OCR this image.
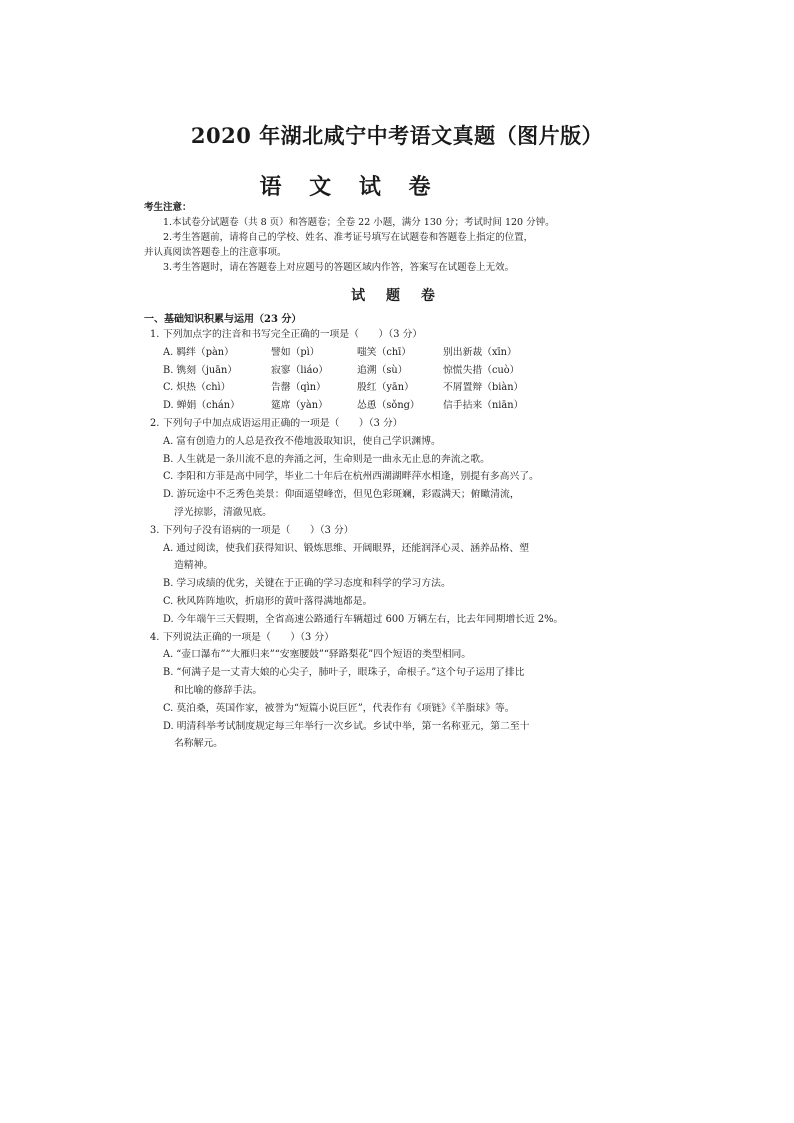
2020 年湖北咸宁中考语文真题（图片版）
语 文 试 卷
考生注意：
1.本试卷分试题卷（共 8 页）和答题卷；全卷 22 小题，满分 130 分；考试时间 120 分钟。
2.考生答题前，请将自己的学校、姓名、准考证号填写在试题卷和答题卷上指定的位置，
并认真阅读答题卷上的注意事项。
3.考生答题时，请在答题卷上对应题号的答题区域内作答，答案写在试题卷上无效。
试 题 卷
一、基础知识积累与运用（23 分）
1. 下列加点字的注音和书写完全正确的一项是（　　）（3 分）
A. 羁绊（pàn）	譬如（pì）	嗤笑（chī）	别出新裁（xīn）
B. 镌刻（juān）	寂寥（liáo）	追溯（sù）	惊慌失措（cuò）
C. 炽热（chì）	告罄（qìn）	殷红（yān）	不屑置辩（biàn）
D. 蝉娟（chán）	筵席（yàn）	怂恿（sǒng）	信手拈来（niān）
2. 下列句子中加点成语运用正确的一项是（　　）（3 分）
A. 富有创造力的人总是孜孜不倦地汲取知识，使自己学识渊博。
B. 人生就是一条川流不息的奔涌之河，生命则是一曲永无止息的奔流之歌。
C. 李阳和方菲是高中同学，毕业二十年后在杭州西湖湖畔萍水相逢，别提有多高兴了。
D. 游玩途中不乏秀色美景：仰面遥望峰峦，但见色彩斑斓，彩霞满天；俯瞰清流，
浮光掠影，清澈见底。
3. 下列句子没有语病的一项是（　　）（3 分）
A. 通过阅读，使我们获得知识、锻炼思维、开阔眼界，还能润泽心灵、涵养品格、塑
造精神。
B. 学习成绩的优劣，关键在于正确的学习态度和科学的学习方法。
C. 秋风阵阵地吹，折扇形的黄叶落得满地都是。
D. 今年端午三天假期，全省高速公路通行车辆超过 600 万辆左右，比去年同期增长近 2%。
4. 下列说法正确的一项是（　　）（3 分）
A. “壶口瀑布”“大雁归来”“安塞腰鼓”“驿路梨花”四个短语的类型相同。
B. “何满子是一丈青大娘的心尖子，肺叶子，眼珠子，命根子。”这个句子运用了排比
和比喻的修辞手法。
C. 莫泊桑，英国作家，被誉为“短篇小说巨匠”，代表作有《项链》《羊脂球》等。
D. 明清科举考试制度规定每三年举行一次乡试。乡试中举，第一名称亚元，第二至十
名称解元。
